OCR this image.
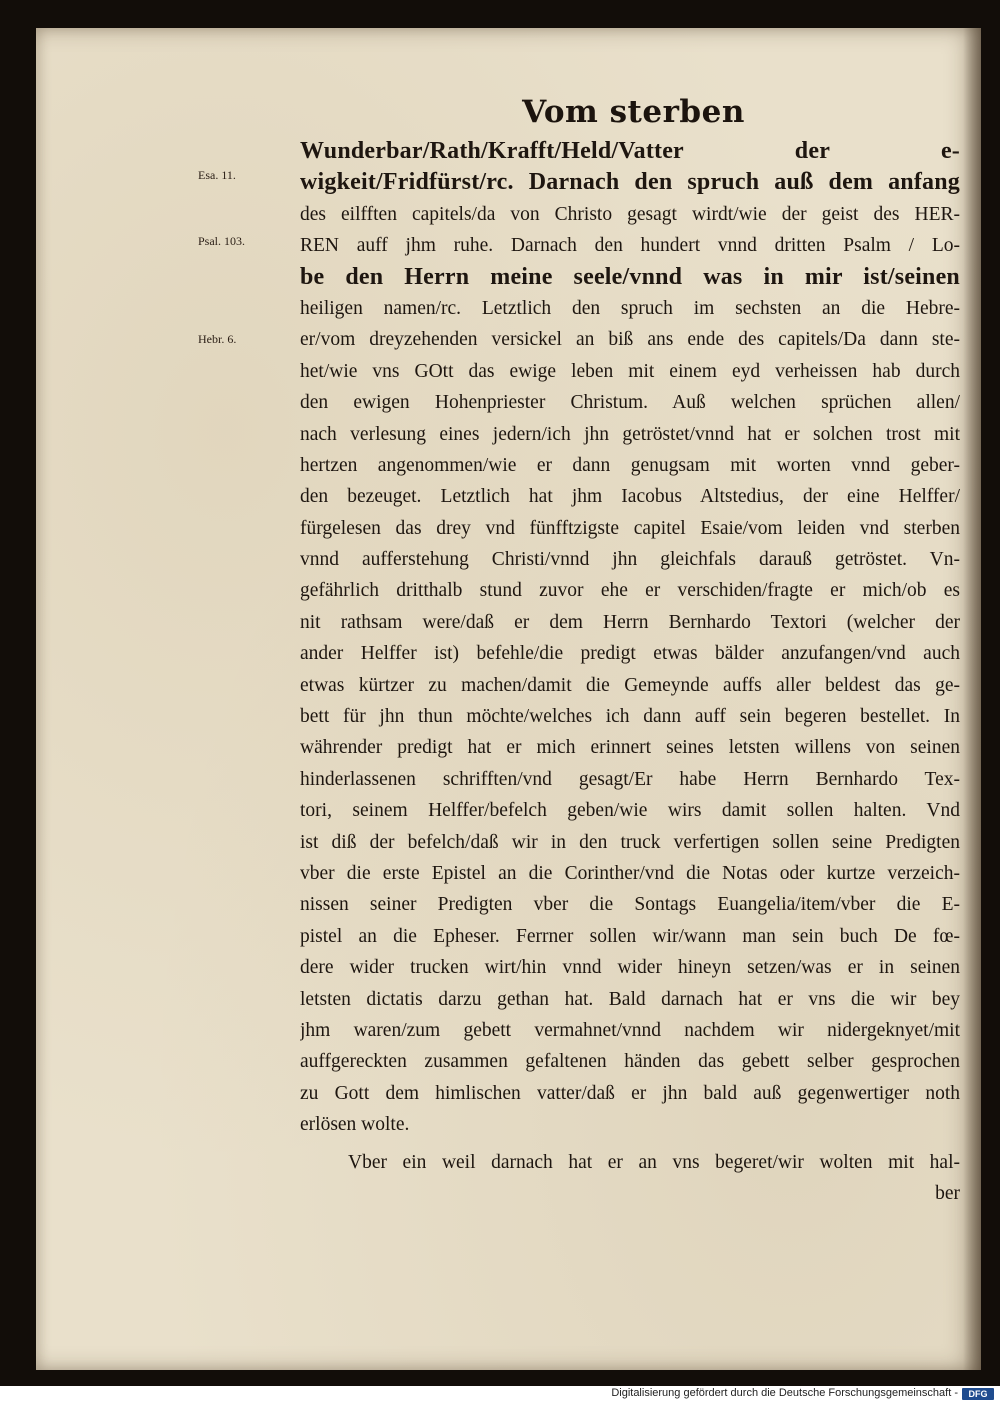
Vom sterben
Esa. 11.
Psal. 103.
Hebr. 6.
Wunderbar/Rath/Krafft/Held/Vatter der e-
wigkeit/Fridfürst/rc. Darnach den spruch auß dem anfang
des eilfften capitels/da von Christo gesagt wirdt/wie der geist des HER-
REN auff jhm ruhe. Darnach den hundert vnnd dritten Psalm / Lo-
be den Herrn meine seele/vnnd was in mir ist/seinen
heiligen namen/rc. Letztlich den spruch im sechsten an die Hebre-
er/vom dreyzehenden versickel an biß ans ende des capitels/Da dann ste-
het/wie vns GOtt das ewige leben mit einem eyd verheissen hab durch
den ewigen Hohenpriester Christum. Auß welchen sprüchen allen/
nach verlesung eines jedern/ich jhn getröstet/vnnd hat er solchen trost mit
hertzen angenommen/wie er dann genugsam mit worten vnnd geber-
den bezeuget. Letztlich hat jhm Iacobus Altstedius, der eine Helffer/
fürgelesen das drey vnd fünfftzigste capitel Esaie/vom leiden vnd sterben
vnnd aufferstehung Christi/vnnd jhn gleichfals darauß getröstet. Vn-
gefährlich dritthalb stund zuvor ehe er verschiden/fragte er mich/ob es
nit rathsam were/daß er dem Herrn Bernhardo Textori (welcher der
ander Helffer ist) befehle/die predigt etwas bälder anzufangen/vnd auch
etwas kürtzer zu machen/damit die Gemeynde auffs aller beldest das ge-
bett für jhn thun möchte/welches ich dann auff sein begeren bestellet. In
währender predigt hat er mich erinnert seines letsten willens von seinen
hinderlassenen schrifften/vnd gesagt/Er habe Herrn Bernhardo Tex-
tori, seinem Helffer/befelch geben/wie wirs damit sollen halten. Vnd
ist diß der befelch/daß wir in den truck verfertigen sollen seine Predigten
vber die erste Epistel an die Corinther/vnd die Notas oder kurtze verzeich-
nissen seiner Predigten vber die Sontags Euangelia/item/vber die E-
pistel an die Epheser. Ferrner sollen wir/wann man sein buch De fœ-
dere wider trucken wirt/hin vnnd wider hineyn setzen/was er in seinen
letsten dictatis darzu gethan hat. Bald darnach hat er vns die wir bey
jhm waren/zum gebett vermahnet/vnnd nachdem wir nidergeknyet/mit
auffgereckten zusammen gefaltenen händen das gebett selber gesprochen
zu Gott dem himlischen vatter/daß er jhn bald auß gegenwertiger noth
erlösen wolte.
Vber ein weil darnach hat er an vns begeret/wir wolten mit hal-
ber
Digitalisierung gefördert durch die Deutsche Forschungsgemeinschaft -	DFG
